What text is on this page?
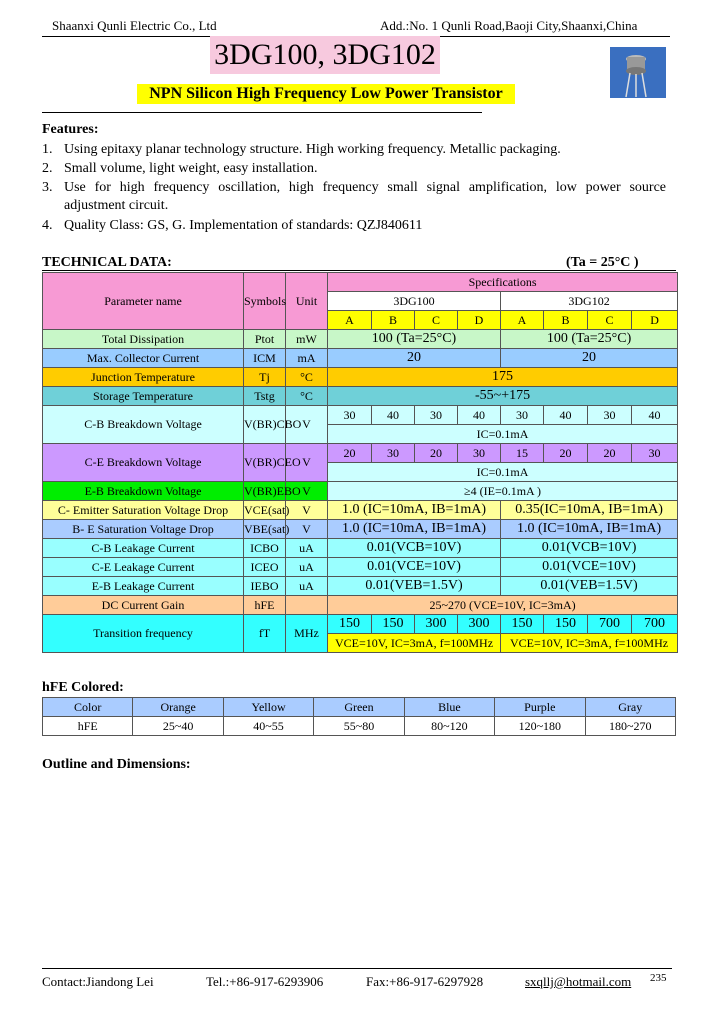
Shaanxi Qunli Electric Co., Ltd	Add.:No. 1 Qunli Road,Baoji City,Shaanxi,China
3DG100, 3DG102
NPN Silicon High Frequency Low Power Transistor
Features:
1. Using epitaxy planar technology structure. High working frequency. Metallic packaging.
2. Small volume, light weight, easy installation.
3. Use for high frequency oscillation, high frequency small signal amplification, low power source adjustment circuit.
4. Quality Class: GS, G. Implementation of standards: QZJ840611
TECHNICAL DATA:	(Ta = 25°C )
Parameter name	Symbols	Unit	Specifications							
			3DG100				3DG102			
			A	B	C	D	A	B	C	D
Total Dissipation	Ptot	mW	100 (Ta=25°C)				100 (Ta=25°C)			
Max. Collector Current	ICM	mA	20				20			
Junction Temperature	Tj	°C	175							
Storage Temperature	Tstg	°C	-55~+175							
C-B Breakdown Voltage	V(BR)CBO	V	30	40	30	40	30	40	30	40
			IC=0.1mA							
C-E Breakdown Voltage	V(BR)CEO	V	20	30	20	30	15	20	20	30
			IC=0.1mA							
E-B Breakdown Voltage	V(BR)EBO	V	≥4 (IE=0.1mA )							
C- Emitter Saturation Voltage Drop	VCE(sat)	V	1.0 (IC=10mA, IB=1mA)				0.35(IC=10mA, IB=1mA)			
B- E Saturation Voltage Drop	VBE(sat)	V	1.0 (IC=10mA, IB=1mA)				1.0 (IC=10mA, IB=1mA)			
C-B Leakage Current	ICBO	uA	0.01(VCB=10V)				0.01(VCB=10V)			
C-E Leakage Current	ICEO	uA	0.01(VCE=10V)				0.01(VCE=10V)			
E-B Leakage Current	IEBO	uA	0.01(VEB=1.5V)				0.01(VEB=1.5V)			
DC Current Gain	hFE		25~270 (VCE=10V, IC=3mA)							
Transition frequency	fT	MHz	150	150	300	300	150	150	700	700
			VCE=10V, IC=3mA, f=100MHz				VCE=10V, IC=3mA, f=100MHz			
hFE Colored:
Color	Orange	Yellow	Green	Blue	Purple	Gray
hFE	25~40	40~55	55~80	80~120	120~180	180~270
Outline and Dimensions:
Contact:Jiandong Lei	Tel.:+86-917-6293906	Fax:+86-917-6297928	sxqllj@hotmail.com 235
